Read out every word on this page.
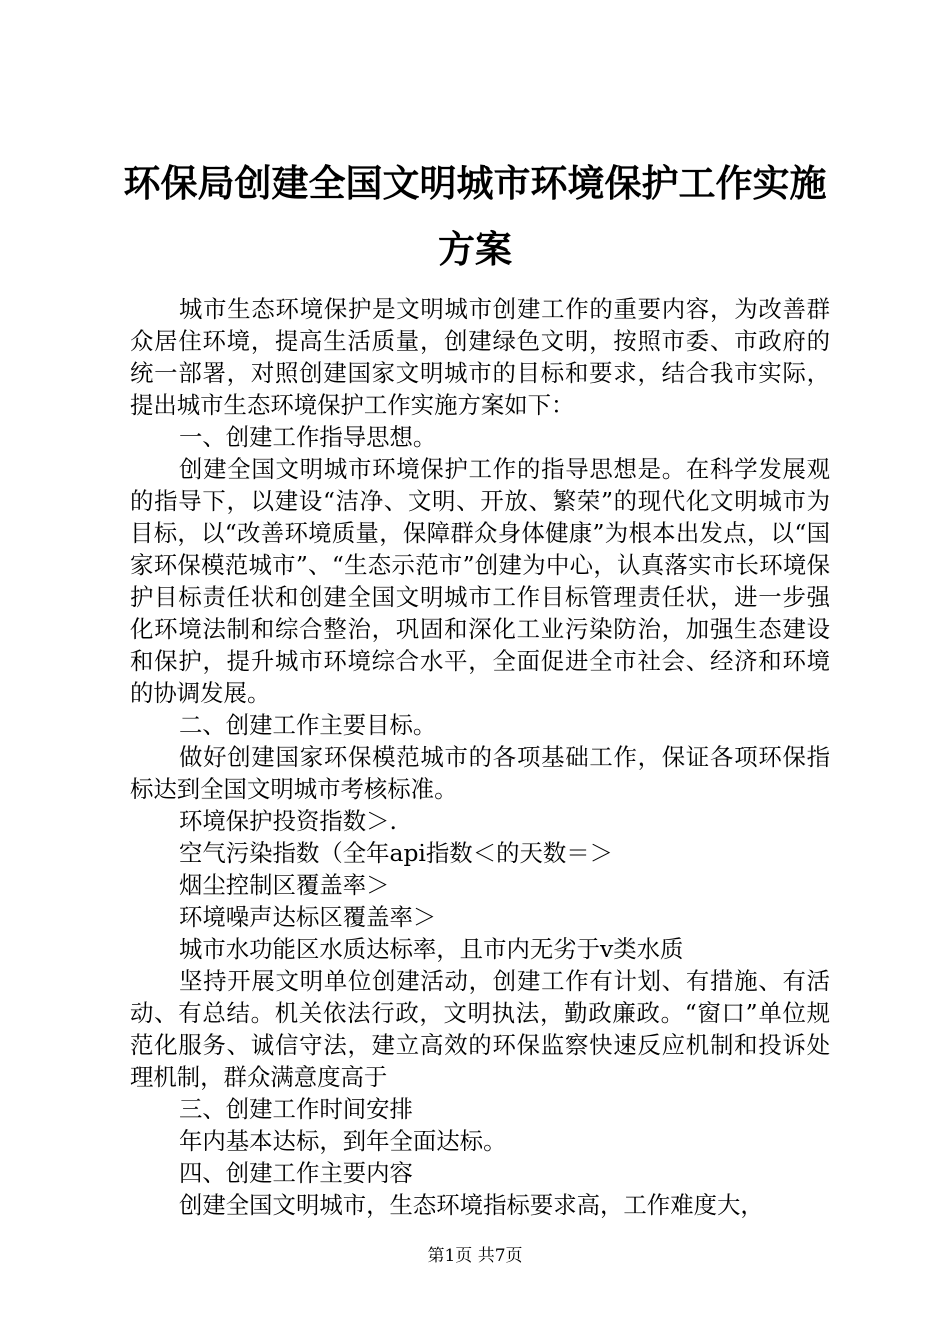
环保局创建全国文明城市环境保护工作实施方案

城市生态环境保护是文明城市创建工作的重要内容，为改善群众居住环境，提高生活质量，创建绿色文明，按照市委、市政府的统一部署，对照创建国家文明城市的目标和要求，结合我市实际，提出城市生态环境保护工作实施方案如下：

一、创建工作指导思想。

创建全国文明城市环境保护工作的指导思想是。在科学发展观的指导下，以建设“洁净、文明、开放、繁荣”的现代化文明城市为目标，以“改善环境质量，保障群众身体健康”为根本出发点，以“国家环保模范城市”、“生态示范市”创建为中心，认真落实市长环境保护目标责任状和创建全国文明城市工作目标管理责任状，进一步强化环境法制和综合整治，巩固和深化工业污染防治，加强生态建设和保护，提升城市环境综合水平，全面促进全市社会、经济和环境的协调发展。

二、创建工作主要目标。

做好创建国家环保模范城市的各项基础工作，保证各项环保指标达到全国文明城市考核标准。

环境保护投资指数＞.

空气污染指数（全年api指数＜的天数＝＞

烟尘控制区覆盖率＞

环境噪声达标区覆盖率＞

城市水功能区水质达标率，且市内无劣于v类水质

坚持开展文明单位创建活动，创建工作有计划、有措施、有活动、有总结。机关依法行政，文明执法，勤政廉政。“窗口”单位规范化服务、诚信守法，建立高效的环保监察快速反应机制和投诉处理机制，群众满意度高于

三、创建工作时间安排

年内基本达标，到年全面达标。

四、创建工作主要内容

创建全国文明城市，生态环境指标要求高，工作难度大，

第1页 共7页
